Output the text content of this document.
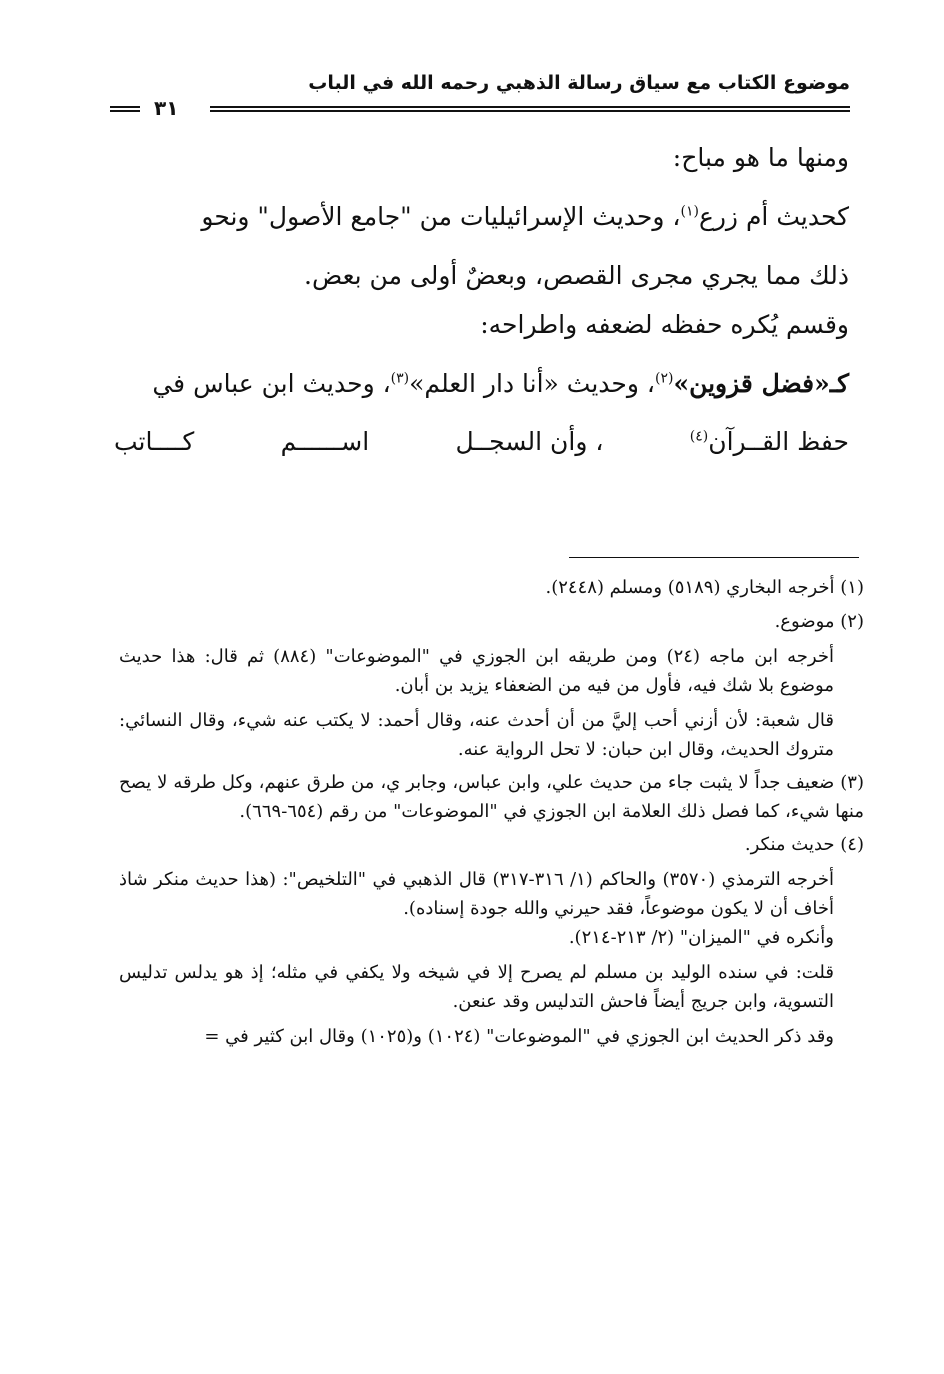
موضوع الكتاب مع سياق رسالة الذهبي رحمه الله في الباب
٣١

ومنها ما هو مباح:

كحديث أم زرع$^{(١)}$، وحديث الإسرائيليات من "جامع الأصول" ونحو

ذلك مما يجري مجرى القصص، وبعضٌ أولى من بعض.

وقسم يُكره حفظه لضعفه واطراحه:

كـ«فضل قزوين»$^{(٢)}$، وحديث «أنا دار العلم»$^{(٣)}$، وحديث ابن عباس في

حفظ القــرآن$^{(٤)}$
، وأن السجــل
اســــــم
كــــاتب

(١) أخرجه البخاري (٥١٨٩) ومسلم (٢٤٤٨).

(٢) موضوع.

أخرجه ابن ماجه (٢٤) ومن طريقه ابن الجوزي في "الموضوعات" (٨٨٤) ثم قال: هذا حديث موضوع بلا شك فيه، فأول من فيه من الضعفاء يزيد بن أبان.

قال شعبة: لأن أزني أحب إليَّ من أن أحدث عنه، وقال أحمد: لا يكتب عنه شيء، وقال النسائي: متروك الحديث، وقال ابن حبان: لا تحل الرواية عنه.

(٣) ضعيف جداً لا يثبت جاء من حديث علي، وابن عباس، وجابر ي، من طرق عنهم، وكل طرقه لا يصح منها شيء، كما فصل ذلك العلامة ابن الجوزي في "الموضوعات" من رقم (٦٥٤-٦٦٩).

(٤) حديث منكر.

أخرجه الترمذي (٣٥٧٠) والحاكم (١/ ٣١٦-٣١٧) قال الذهبي في "التلخيص": (هذا حديث منكر شاذ أخاف أن لا يكون موضوعاً، فقد حيرني والله جودة إسناده).

وأنكره في "الميزان" (٢/ ٢١٣-٢١٤).

قلت: في سنده الوليد بن مسلم لم يصرح إلا في شيخه ولا يكفي في مثله؛ إذ هو يدلس تدليس التسوية، وابن جريج أيضاً فاحش التدليس وقد عنعن.

وقد ذكر الحديث ابن الجوزي في "الموضوعات" (١٠٢٤) و(١٠٢٥) وقال ابن كثير في =
